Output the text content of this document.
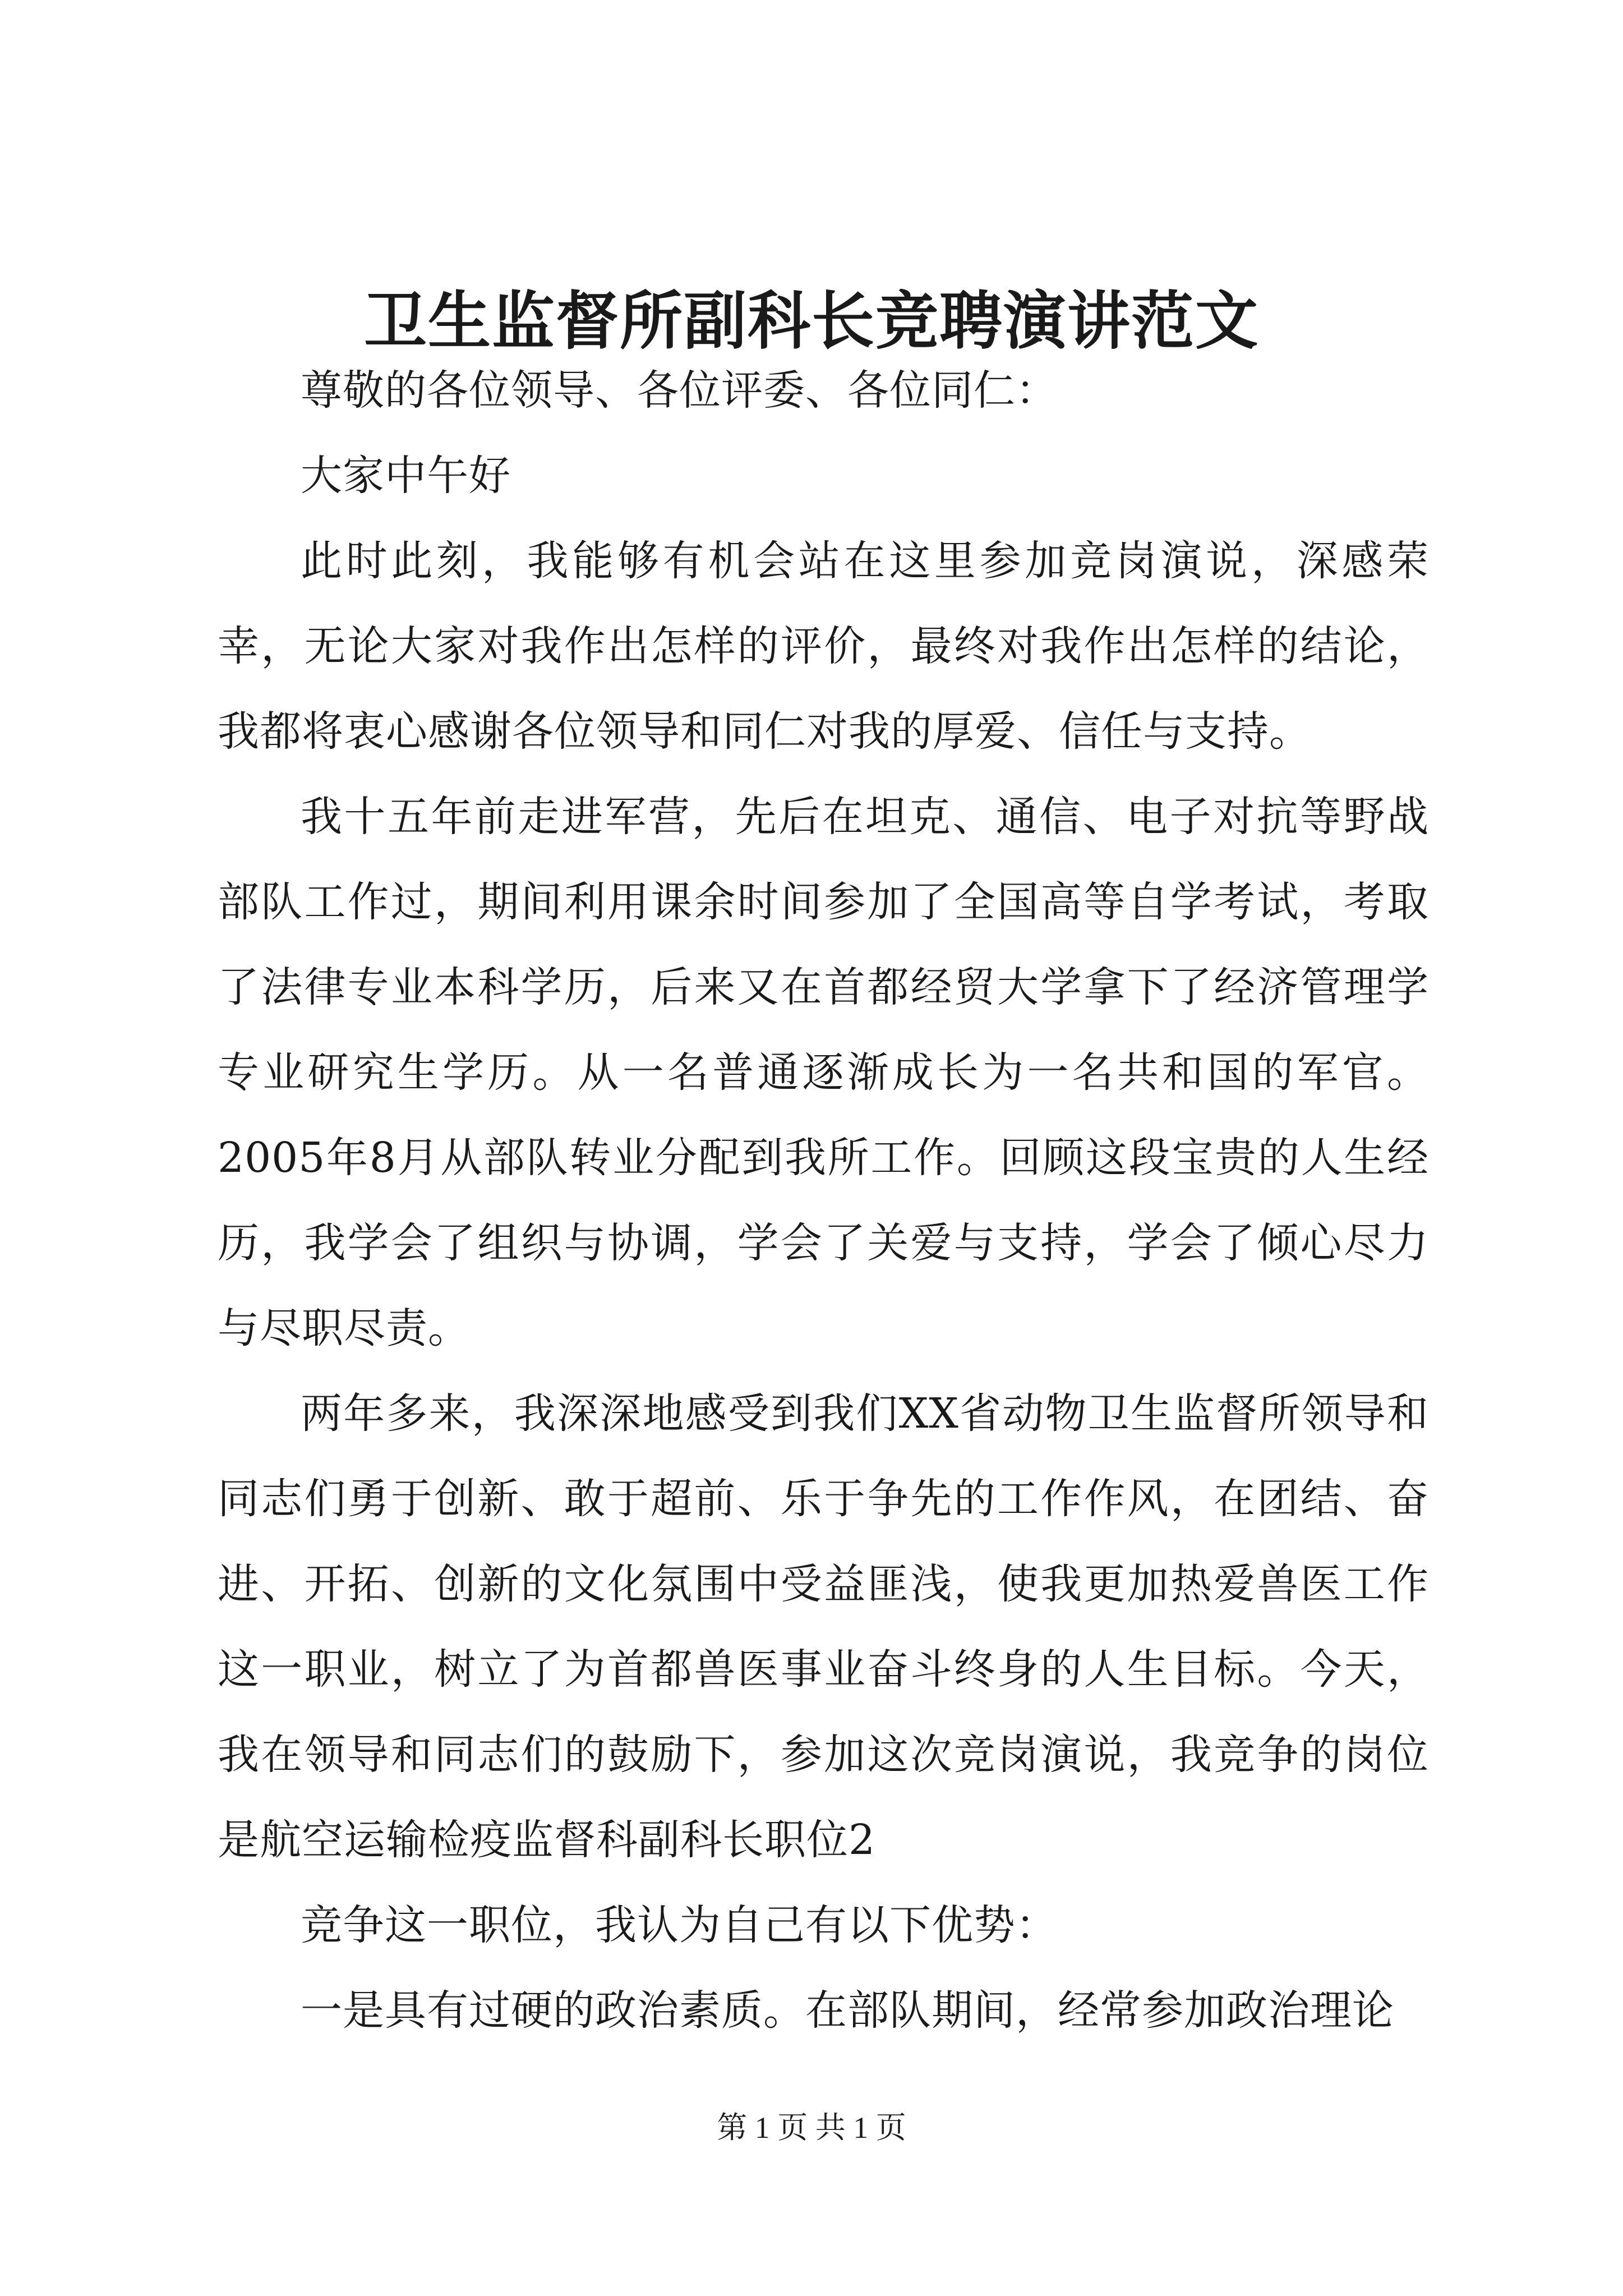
卫生监督所副科长竞聘演讲范文

尊敬的各位领导、各位评委、各位同仁：

大家中午好

此时此刻，我能够有机会站在这里参加竞岗演说，深感荣幸，无论大家对我作出怎样的评价，最终对我作出怎样的结论，我都将衷心感谢各位领导和同仁对我的厚爱、信任与支持。

我十五年前走进军营，先后在坦克、通信、电子对抗等野战部队工作过，期间利用课余时间参加了全国高等自学考试，考取了法律专业本科学历，后来又在首都经贸大学拿下了经济管理学专业研究生学历。从一名普通逐渐成长为一名共和国的军官。2005年8月从部队转业分配到我所工作。回顾这段宝贵的人生经历，我学会了组织与协调，学会了关爱与支持，学会了倾心尽力与尽职尽责。

两年多来，我深深地感受到我们XX省动物卫生监督所领导和同志们勇于创新、敢于超前、乐于争先的工作作风，在团结、奋进、开拓、创新的文化氛围中受益匪浅，使我更加热爱兽医工作这一职业，树立了为首都兽医事业奋斗终身的人生目标。今天，我在领导和同志们的鼓励下，参加这次竞岗演说，我竞争的岗位是航空运输检疫监督科副科长职位2

竞争这一职位，我认为自己有以下优势：

一是具有过硬的政治素质。在部队期间，经常参加政治理论

第 1 页 共 1 页
